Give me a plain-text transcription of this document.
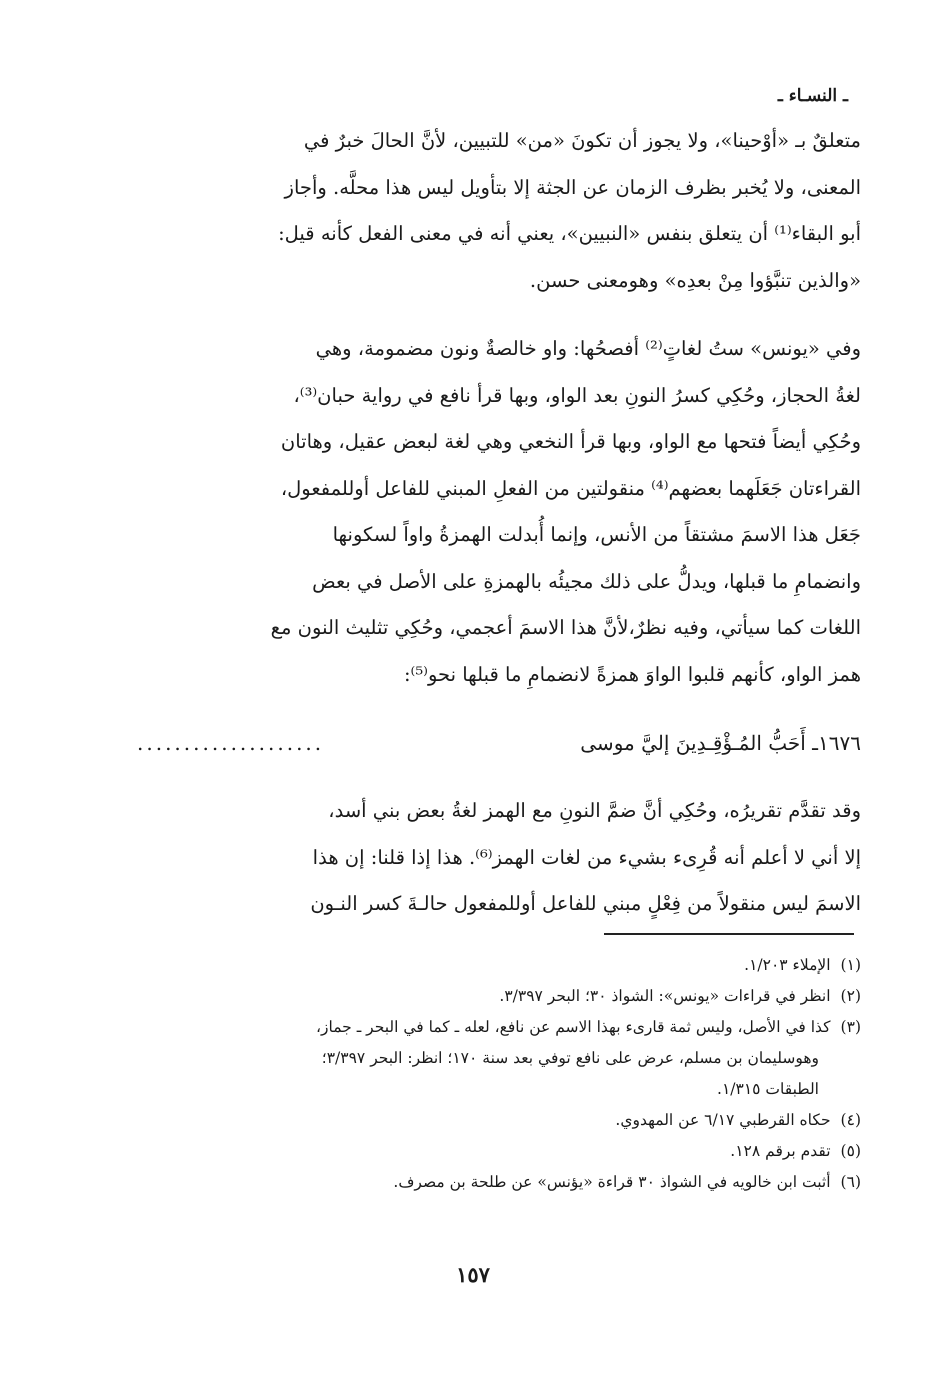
ـ النسـاء ـ
متعلقٌ بـ «أوْحينا»، ولا يجوز أن تكونَ «من» للتبيين، لأنَّ الحالَ خبرٌ في
المعنى، ولا يُخبر بظرف الزمان عن الجثة إلا بتأويل ليس هذا محلَّه. وأجاز
أبو البقاء⁽¹⁾ أن يتعلق بنفس «النبيين»، يعني أنه في معنى الفعل كأنه قيل:
«والذين تنبَّؤوا مِنْ بعدِه» وهومعنى حسن.
وفي «يونس» ستُ لغاتٍ⁽²⁾ أفصحُها: واو خالصةٌ ونون مضمومة، وهي
لغةُ الحجاز، وحُكِي كسرُ النونِ بعد الواو، وبها قرأ نافع في رواية حبان⁽³⁾،
وحُكِي أيضاً فتحها مع الواو، وبها قرأ النخعي وهي لغة لبعض عقيل، وهاتان
القراءتان جَعَلَهما بعضهم⁽⁴⁾ منقولتين من الفعلِ المبني للفاعل أوللمفعول،
جَعَل هذا الاسمَ مشتقاً من الأنس، وإنما أُبدلت الهمزةُ واواً لسكونها
وانضمامِ ما قبلها، ويدلُّ على ذلك مجيئُه بالهمزةِ على الأصل في بعض
اللغات كما سيأتي، وفيه نظرٌ،لأنَّ هذا الاسمَ أعجمي، وحُكِي تثليث النون مع
همز الواو، كأنهم قلبوا الواوَ همزةً لانضمامِ ما قبلها نحو⁽⁵⁾:
١٦٧٦ـ أَحَبُّ المُـؤْقِـدِينَ إليَّ موسى
....................
وقد تقدَّم تقريرُه، وحُكِي أنَّ ضمَّ النونِ مع الهمز لغةُ بعض بني أسد،
إلا أني لا أعلم أنه قُرِىء بشيء من لغات الهمز⁽⁶⁾. هذا إذا قلنا: إن هذا
الاسمَ ليس منقولاً من فِعْلٍ مبني للفاعل أوللمفعول حالـةَ كسر النـون
(١)الإملاء ١/٢٠٣.
(٢)انظر في قراءات «يونس»: الشواذ ٣٠؛ البحر ٣/٣٩٧.
(٣)كذا في الأصل، وليس ثمة قارىء بهذا الاسم عن نافع، لعله ـ كما في البحر ـ جماز،
وهوسليمان بن مسلم، عرض على نافع توفي بعد سنة ١٧٠؛ انظر: البحر ٣/٣٩٧؛
الطبقات ١/٣١٥.
(٤)حكاه القرطبي ٦/١٧ عن المهدوي.
(٥)تقدم برقم ١٢٨.
(٦)أثبت ابن خالويه في الشواذ ٣٠ قراءة «يؤنس» عن طلحة بن مصرف.
١٥٧
